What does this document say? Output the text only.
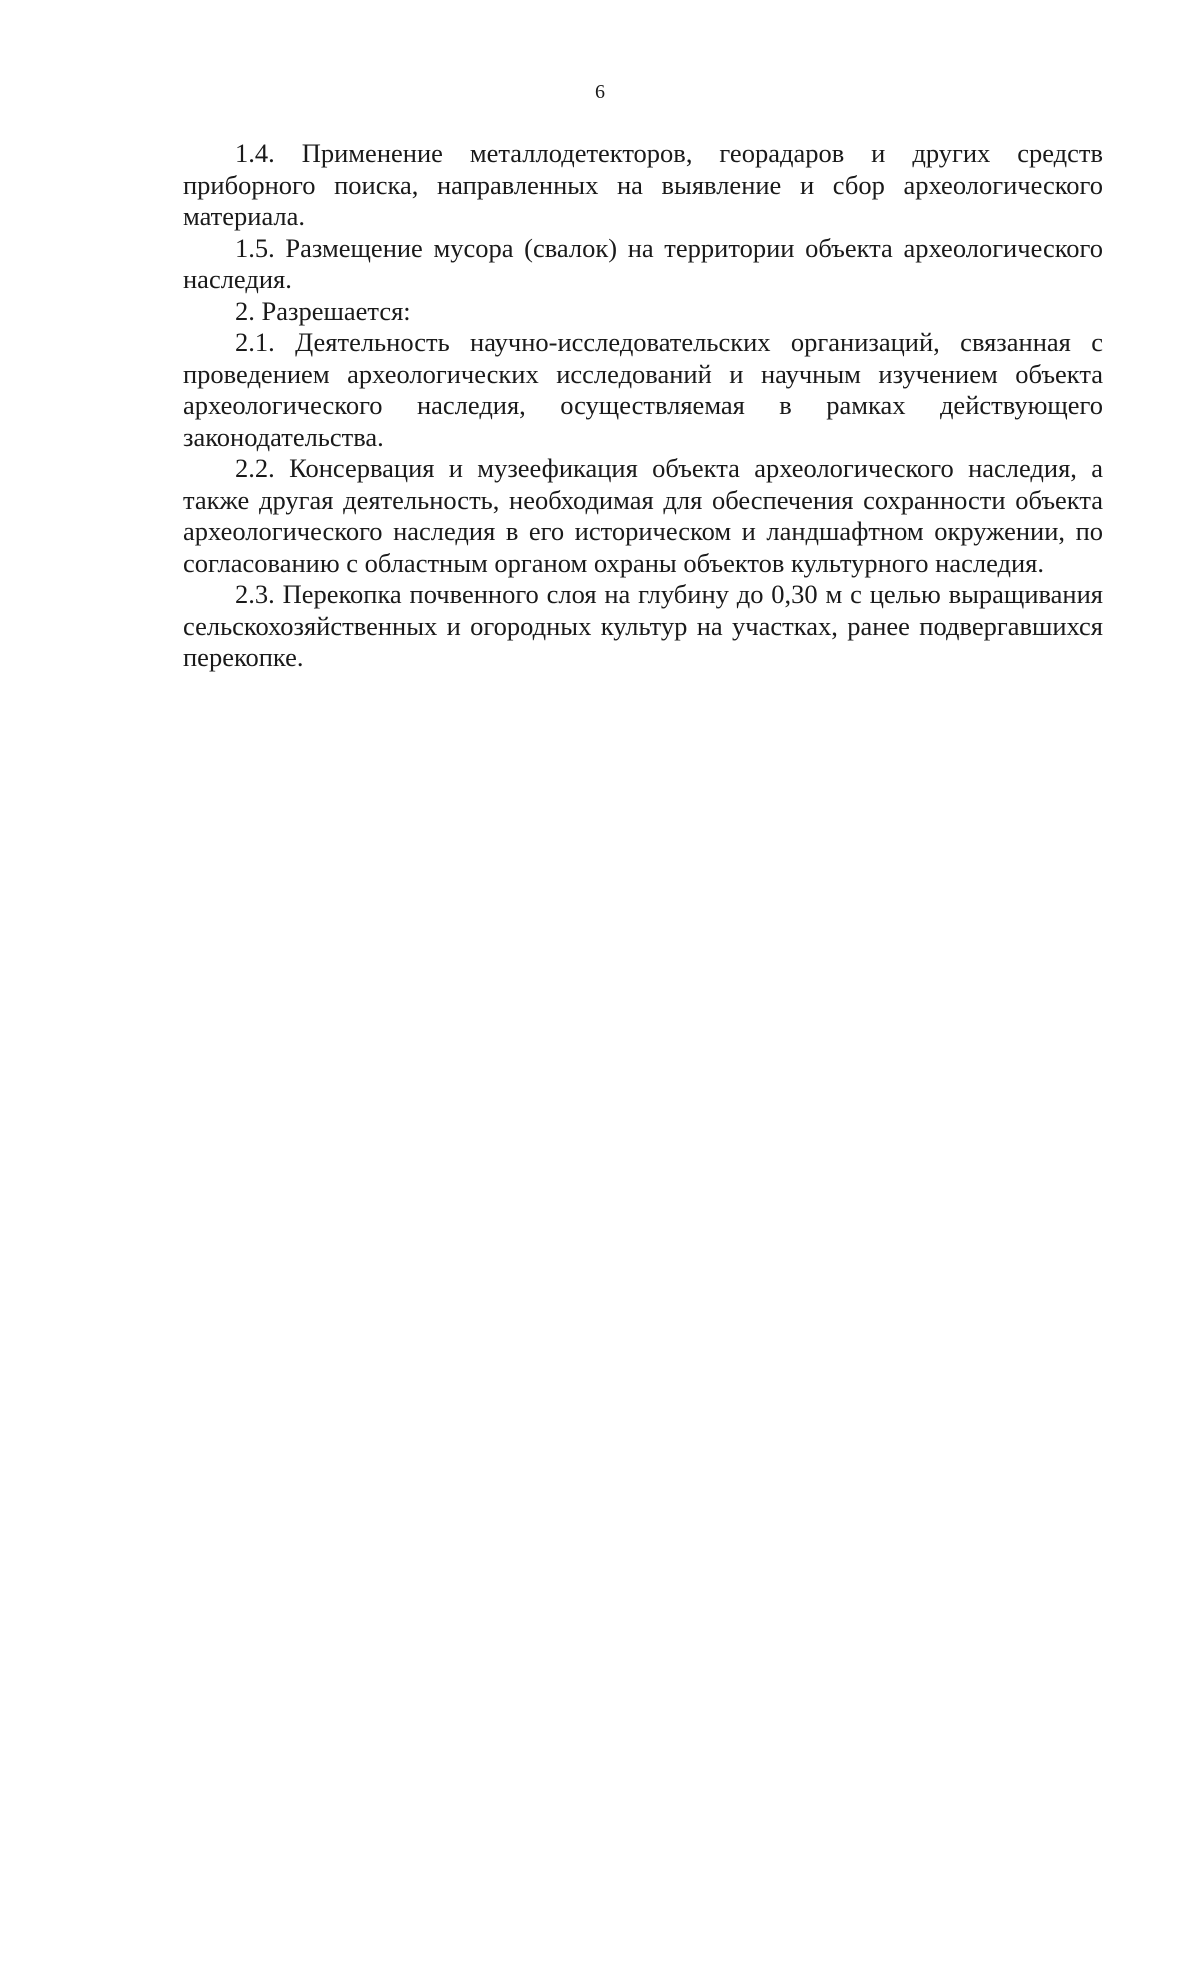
6

1.4. Применение металлодетекторов, георадаров и других средств приборного поиска, направленных на выявление и сбор археологического материала.

1.5. Размещение мусора (свалок) на территории объекта археологического наследия.

2. Разрешается:

2.1. Деятельность научно-исследовательских организаций, связанная с проведением археологических исследований и научным изучением объекта археологического наследия, осуществляемая в рамках действующего законодательства.

2.2. Консервация и музеефикация объекта археологического наследия, а также другая деятельность, необходимая для обеспечения сохранности объекта археологического наследия в его историческом и ландшафтном окружении, по согласованию с областным органом охраны объектов культурного наследия.

2.3. Перекопка почвенного слоя на глубину до 0,30 м с целью выращивания сельскохозяйственных и огородных культур на участках, ранее подвергавшихся перекопке.
